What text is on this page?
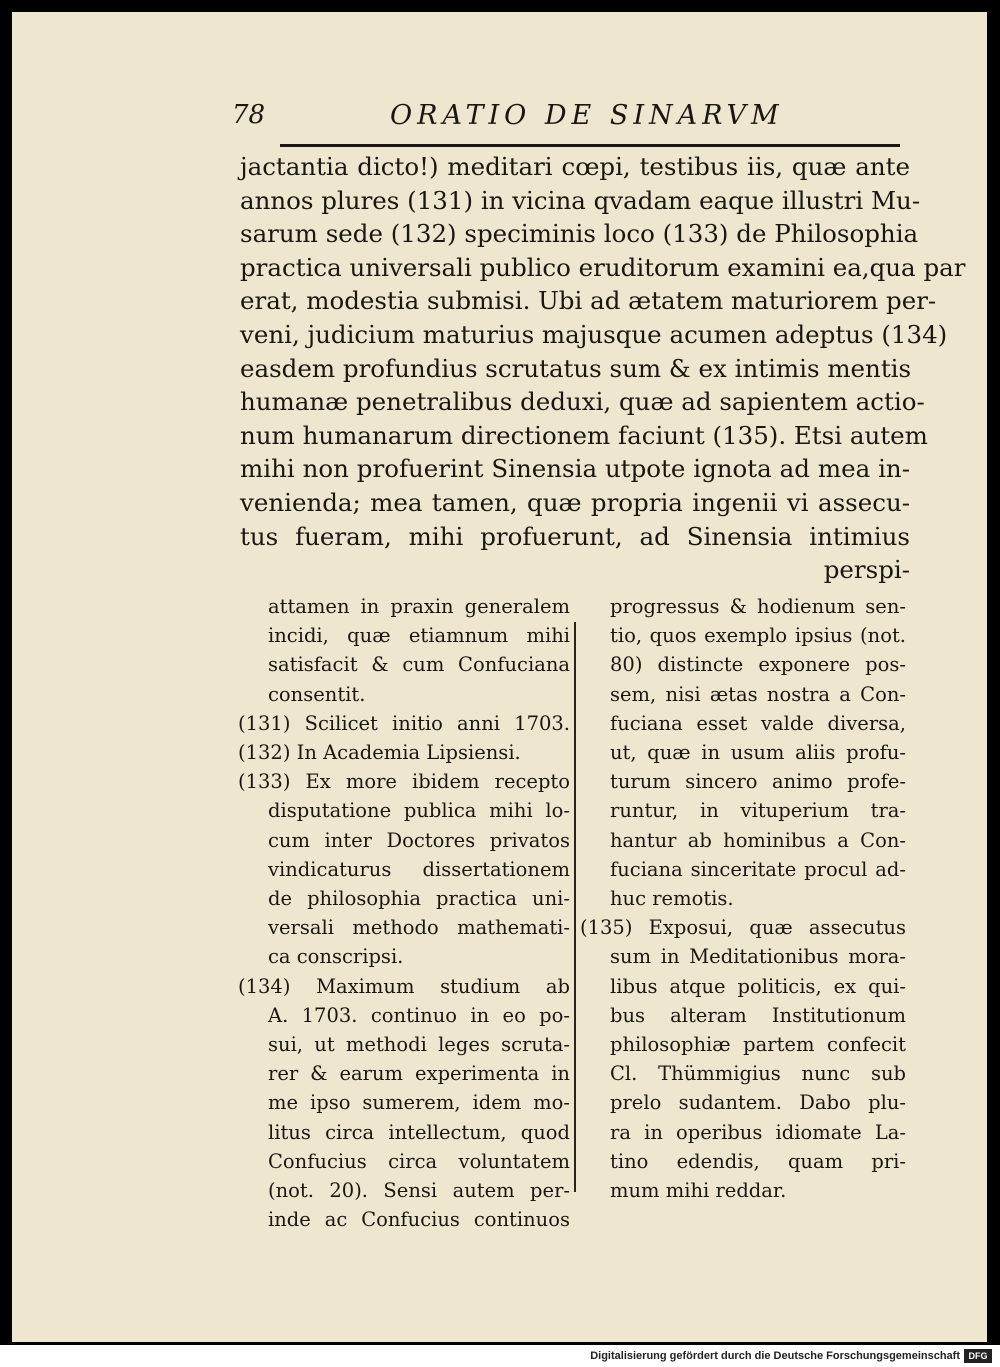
78	ORATIO DE SINARVM
jactantia dicto!) meditari cœpi, testibus iis, quæ ante
annos plures (131) in vicina qvadam eaque illustri Mu-
sarum sede (132) speciminis loco (133) de Philosophia
practica universali publico eruditorum examini ea,qua par
erat, modestia submisi. Ubi ad ætatem maturiorem per-
veni, judicium maturius majusque acumen adeptus (134)
easdem profundius scrutatus sum & ex intimis mentis
humanæ penetralibus deduxi, quæ ad sapientem actio-
num humanarum directionem faciunt (135). Etsi autem
mihi non profuerint Sinensia utpote ignota ad mea in-
venienda; mea tamen, quæ propria ingenii vi assecu-
tus fueram, mihi profuerunt, ad Sinensia intimius
perspi-
attamen in praxin generalem
incidi, quæ etiamnum mihi
satisfacit & cum Confuciana
consentit.
(131) Scilicet initio anni 1703.
(132) In Academia Lipsiensi.
(133) Ex more ibidem recepto
disputatione publica mihi lo-
cum inter Doctores privatos
vindicaturus dissertationem
de philosophia practica uni-
versali methodo mathemati-
ca conscripsi.
(134) Maximum studium ab
A. 1703. continuo in eo po-
sui, ut methodi leges scruta-
rer & earum experimenta in
me ipso sumerem, idem mo-
litus circa intellectum, quod
Confucius circa voluntatem
(not. 20). Sensi autem per-
inde ac Confucius continuos
progressus & hodienum sen-
tio, quos exemplo ipsius (not.
80) distincte exponere pos-
sem, nisi ætas nostra a Con-
fuciana esset valde diversa,
ut, quæ in usum aliis profu-
turum sincero animo profe-
runtur, in vituperium tra-
hantur ab hominibus a Con-
fuciana sinceritate procul ad-
huc remotis.
(135) Exposui, quæ assecutus
sum in Meditationibus mora-
libus atque politicis, ex qui-
bus alteram Institutionum
philosophiæ partem confecit
Cl. Thümmigius nunc sub
prelo sudantem. Dabo plu-
ra in operibus idiomate La-
tino edendis, quam pri-
mum mihi reddar.
Digitalisierung gefördert durch die Deutsche Forschungsgemeinschaft DFG
